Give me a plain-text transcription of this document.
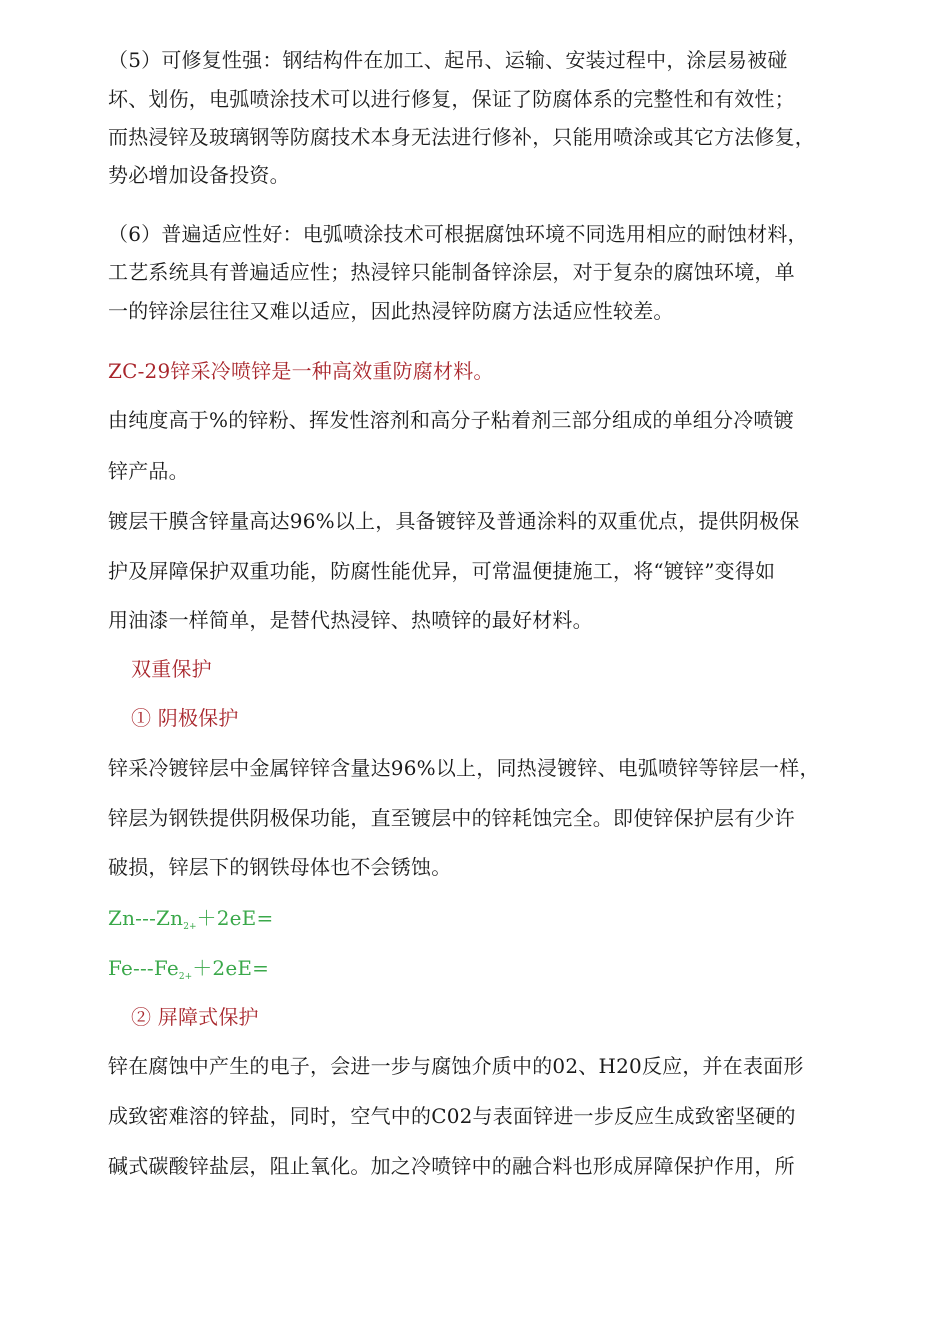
（5）可修复性强：钢结构件在加工、起吊、运输、安装过程中，涂层易被碰
坏、划伤，电弧喷涂技术可以进行修复，保证了防腐体系的完整性和有效性；
而热浸锌及玻璃钢等防腐技术本身无法进行修补，只能用喷涂或其它方法修复，
势必增加设备投资。
（6）普遍适应性好：电弧喷涂技术可根据腐蚀环境不同选用相应的耐蚀材料，
工艺系统具有普遍适应性；热浸锌只能制备锌涂层，对于复杂的腐蚀环境，单
一的锌涂层往往又难以适应，因此热浸锌防腐方法适应性较差。
ZC-29锌采冷喷锌是一种高效重防腐材料。
由纯度高于%的锌粉、挥发性溶剂和高分子粘着剂三部分组成的单组分冷喷镀
锌产品。
镀层干膜含锌量高达96%以上，具备镀锌及普通涂料的双重优点，提供阴极保
护及屏障保护双重功能，防腐性能优异，可常温便捷施工，将“镀锌”变得如
用油漆一样简单，是替代热浸锌、热喷锌的最好材料。
双重保护
① 阴极保护
锌采冷镀锌层中金属锌锌含量达96%以上，同热浸镀锌、电弧喷锌等锌层一样，
锌层为钢铁提供阴极保功能，直至镀层中的锌耗蚀完全。即使锌保护层有少许
破损，锌层下的钢铁母体也不会锈蚀。
$Zn---Zn_{2+}+2eE=$
$Fe---Fe_{2+}+2eE=$
② 屏障式保护
锌在腐蚀中产生的电子，会进一步与腐蚀介质中的02、H20反应，并在表面形
成致密难溶的锌盐，同时，空气中的C02与表面锌进一步反应生成致密坚硬的
碱式碳酸锌盐层，阻止氧化。加之冷喷锌中的融合料也形成屏障保护作用，所
